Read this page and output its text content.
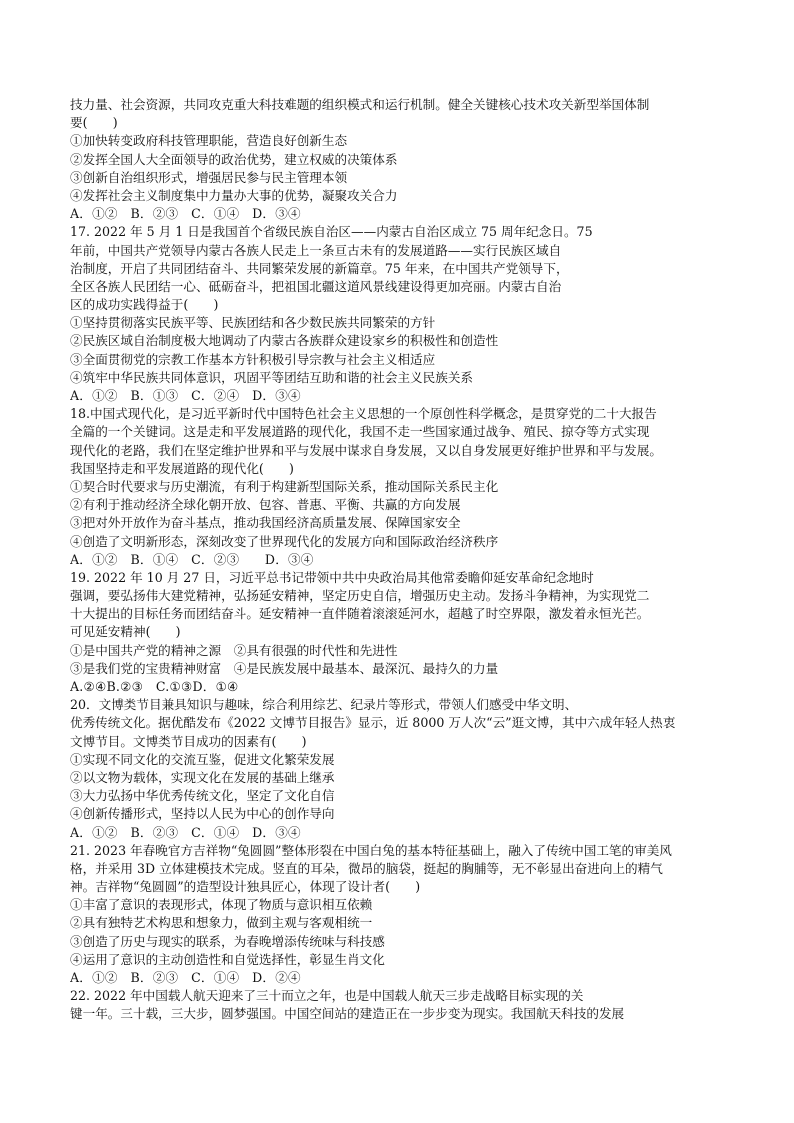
技力量、社会资源，共同攻克重大科技难题的组织模式和运行机制。健全关键核心技术攻关新型举国体制
要(　　)
①加快转变政府科技管理职能，营造良好创新生态
②发挥全国人大全面领导的政治优势，建立权威的决策体系
③创新自治组织形式，增强居民参与民主管理本领
④发挥社会主义制度集中力量办大事的优势，凝聚攻关合力
A．①②　B．②③　C．①④　D．③④
17. 2022 年 5 月 1 日是我国首个省级民族自治区——内蒙古自治区成立 75 周年纪念日。75
年前，中国共产党领导内蒙古各族人民走上一条亘古未有的发展道路——实行民族区域自
治制度，开启了共同团结奋斗、共同繁荣发展的新篇章。75 年来，在中国共产党领导下，
全区各族人民团结一心、砥砺奋斗，把祖国北疆这道风景线建设得更加亮丽。内蒙古自治
区的成功实践得益于(　　)
①坚持贯彻落实民族平等、民族团结和各少数民族共同繁荣的方针
②民族区域自治制度极大地调动了内蒙古各族群众建设家乡的积极性和创造性
③全面贯彻党的宗教工作基本方针积极引导宗教与社会主义相适应
④筑牢中华民族共同体意识，巩固平等团结互助和谐的社会主义民族关系
A．①②　B．①③　C．②④　D．③④
18.中国式现代化，是习近平新时代中国特色社会主义思想的一个原创性科学概念，是贯穿党的二十大报告
全篇的一个关键词。这是走和平发展道路的现代化，我国不走一些国家通过战争、殖民、掠夺等方式实现
现代化的老路，我们在坚定维护世界和平与发展中谋求自身发展，又以自身发展更好维护世界和平与发展。
我国坚持走和平发展道路的现代化(　　)
①契合时代要求与历史潮流，有利于构建新型国际关系，推动国际关系民主化
②有利于推动经济全球化朝开放、包容、普惠、平衡、共赢的方向发展
③把对外开放作为奋斗基点，推动我国经济高质量发展、保障国家安全
④创造了文明新形态，深刻改变了世界现代化的发展方向和国际政治经济秩序
A．①②　B．①④　C．②③　　D．③④
19. 2022 年 10 月 27 日，习近平总书记带领中共中央政治局其他常委瞻仰延安革命纪念地时
强调，要弘扬伟大建党精神，弘扬延安精神，坚定历史自信，增强历史主动。发扬斗争精神，为实现党二
十大提出的目标任务而团结奋斗。延安精神一直伴随着滚滚延河水，超越了时空界限，激发着永恒光芒。
可见延安精神(　　)
①是中国共产党的精神之源　②具有很强的时代性和先进性
③是我们党的宝贵精神财富　④是民族发展中最基本、最深沉、最持久的力量
A.②④B.②③　C.①③D．①④
20．文博类节目兼具知识与趣味，综合利用综艺、纪录片等形式，带领人们感受中华文明、
优秀传统文化。据优酷发布《2022 文博节目报告》显示，近 8000 万人次“云”逛文博，其中六成年轻人热衷
文博节目。文博类节目成功的因素有(　　)
①实现不同文化的交流互鉴，促进文化繁荣发展
②以文物为载体，实现文化在发展的基础上继承
③大力弘扬中华优秀传统文化，坚定了文化自信
④创新传播形式，坚持以人民为中心的创作导向
A．①②　B．②③　C．①④　D．③④
21. 2023 年春晚官方吉祥物“兔圆圆”整体形裂在中国白兔的基本特征基础上，融入了传统中国工笔的审美风
格，并采用 3D 立体建模技术完成。竖直的耳朵，微昂的脑袋，挺起的胸脯等，无不彰显出奋进向上的精气
神。吉祥物“兔圆圆”的造型设计独具匠心，体现了设计者(　　)
①丰富了意识的表现形式，体现了物质与意识相互依赖
②具有独特艺术构思和想象力，做到主观与客观相统一
③创造了历史与现实的联系，为春晚增添传统味与科技感
④运用了意识的主动创造性和自觉选择性，彰显生肖文化
A．①②　B．②③　C．①④　D．②④
22. 2022 年中国载人航天迎来了三十而立之年，也是中国载人航天三步走战略目标实现的关
键一年。三十载，三大步，圆梦强国。中国空间站的建造正在一步步变为现实。我国航天科技的发展
